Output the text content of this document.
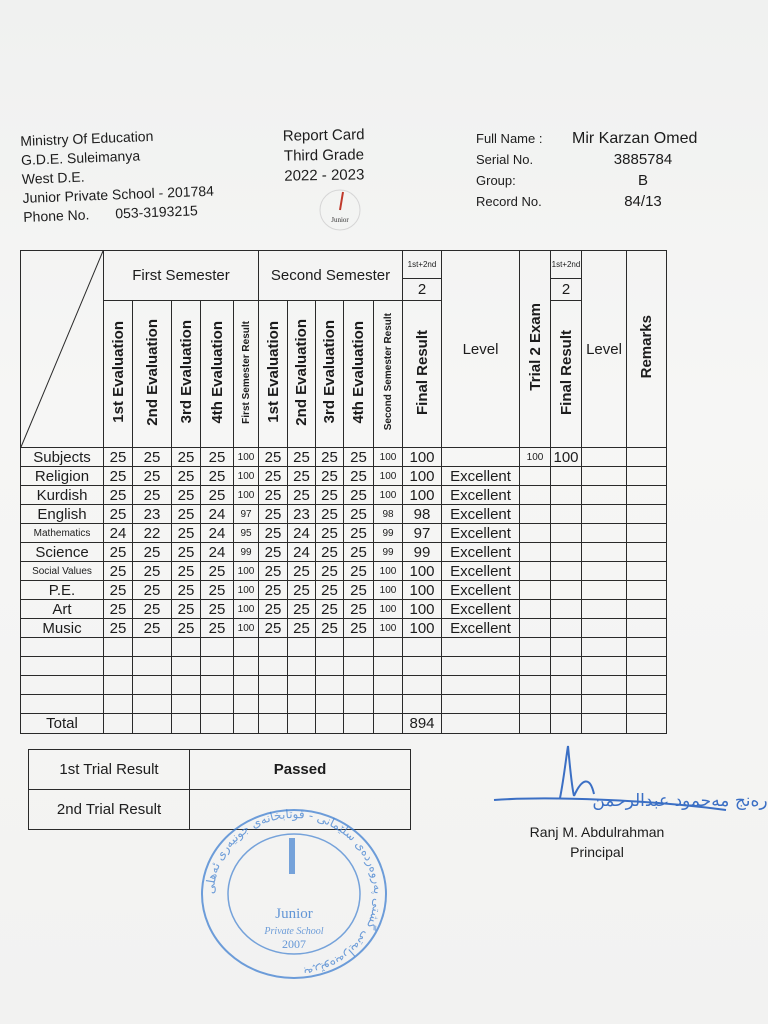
Ministry Of Education
G.D.E. Suleimanya
West D.E.
Junior Private School - 201784
Phone No. 053-3193215
Report Card
Third Grade
2022 - 2023
Junior
Full Name :	Mir Karzan Omed
Serial No.	3885784
Group:	B
Record No.	84/13
	First Semester					Second Semester					1st+2nd	Level	Trial 2 Exam	1st+2nd	Level	Remarks
											2			2		
	1st Evaluation	2nd Evaluation	3rd Evaluation	4th Evaluation	First Semester Result	1st Evaluation	2nd Evaluation	3rd Evaluation	4th Evaluation	Second Semester Result	Final Result			Final Result		
Subjects	25	25	25	25	100	25	25	25	25	100	100		100	100		
Religion	25	25	25	25	100	25	25	25	25	100	100	Excellent				
Kurdish	25	25	25	25	100	25	25	25	25	100	100	Excellent				
English	25	23	25	24	97	25	23	25	25	98	98	Excellent				
Mathematics	24	22	25	24	95	25	24	25	25	99	97	Excellent				
Science	25	25	25	24	99	25	24	25	25	99	99	Excellent				
Social Values	25	25	25	25	100	25	25	25	25	100	100	Excellent				
P.E.	25	25	25	25	100	25	25	25	25	100	100	Excellent				
Art	25	25	25	25	100	25	25	25	25	100	100	Excellent				
Music	25	25	25	25	100	25	25	25	25	100	100	Excellent				

Total											894					
1st Trial Result	Passed
2nd Trial Result	
بەڕێوەبەرایەتی گشتی پەروەردەی سلێمانی - قوتابخانەی جونیەری ئەهلی
Junior
Private School
2007
رەنج مەحمود عبدالرحمن
Ranj M. Abdulrahman
Principal
